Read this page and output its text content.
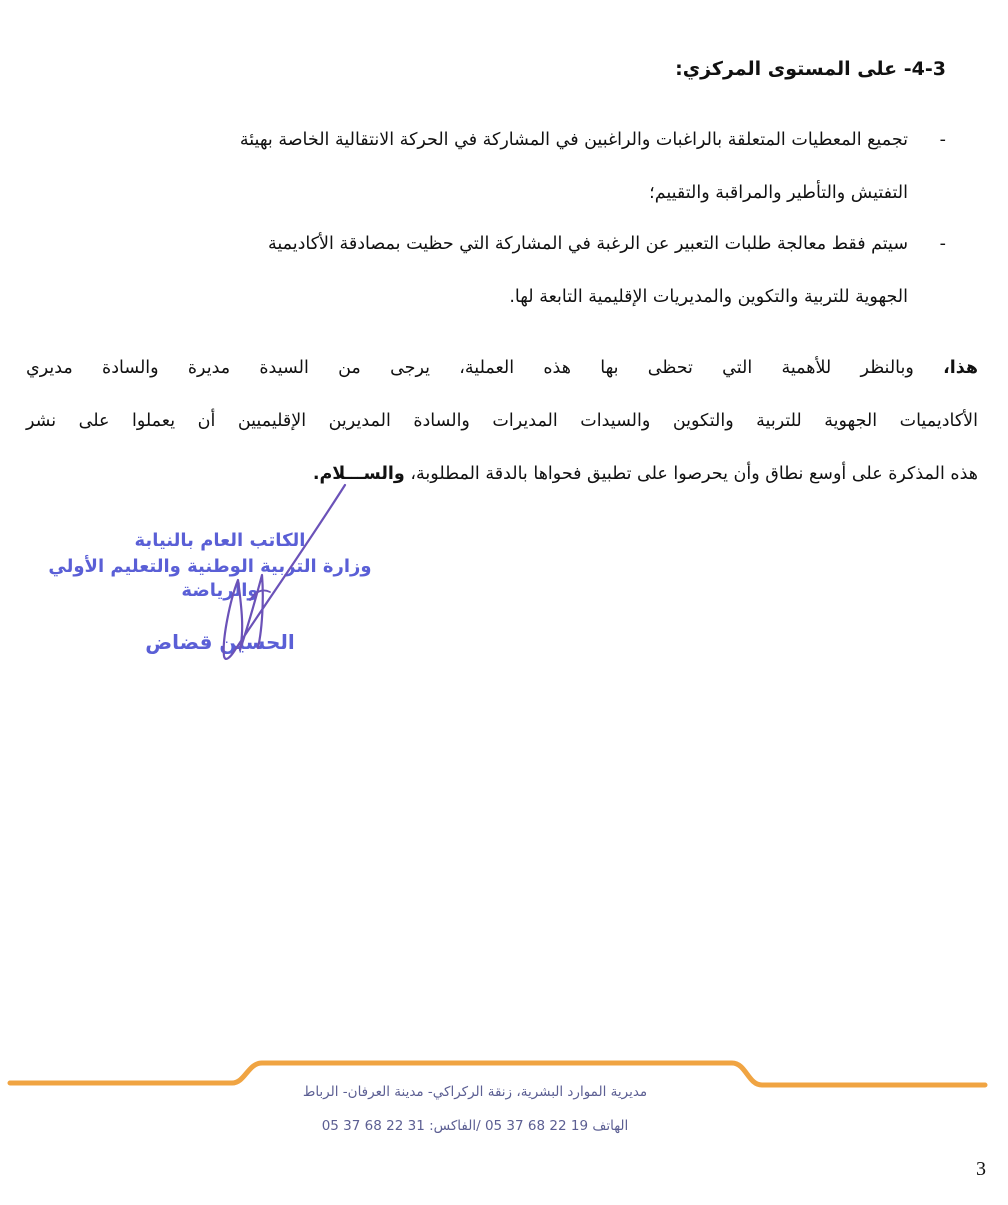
4-3- على المستوى المركزي:
-تجميع المعطيات المتعلقة بالراغبات والراغبين في المشاركة في الحركة الانتقالية الخاصة بهيئة
التفتيش والتأطير والمراقبة والتقييم؛
-سيتم فقط معالجة طلبات التعبير عن الرغبة في المشاركة التي حظيت بمصادقة الأكاديمية
الجهوية للتربية والتكوين والمديريات الإقليمية التابعة لها.
هذا، وبالنظر للأهمية التي تحظى بها هذه العملية، يرجى من السيدة مديرة والسادة مديري
الأكاديميات الجهوية للتربية والتكوين والسيدات المديرات والسادة المديرين الإقليميين أن يعملوا على نشر
هذه المذكرة على أوسع نطاق وأن يحرصوا على تطبيق فحواها بالدقة المطلوبة، والســـلام.
الكاتب العام بالنيابة
وزارة التربية الوطنية والتعليم الأولي
والرياضة
الحسين قضاض
مديرية الموارد البشرية، زنقة الركراكي- مدينة العرفان- الرباط
الهاتف 19 22 68 37 05 /الفاكس: 31 22 68 37 05
3
